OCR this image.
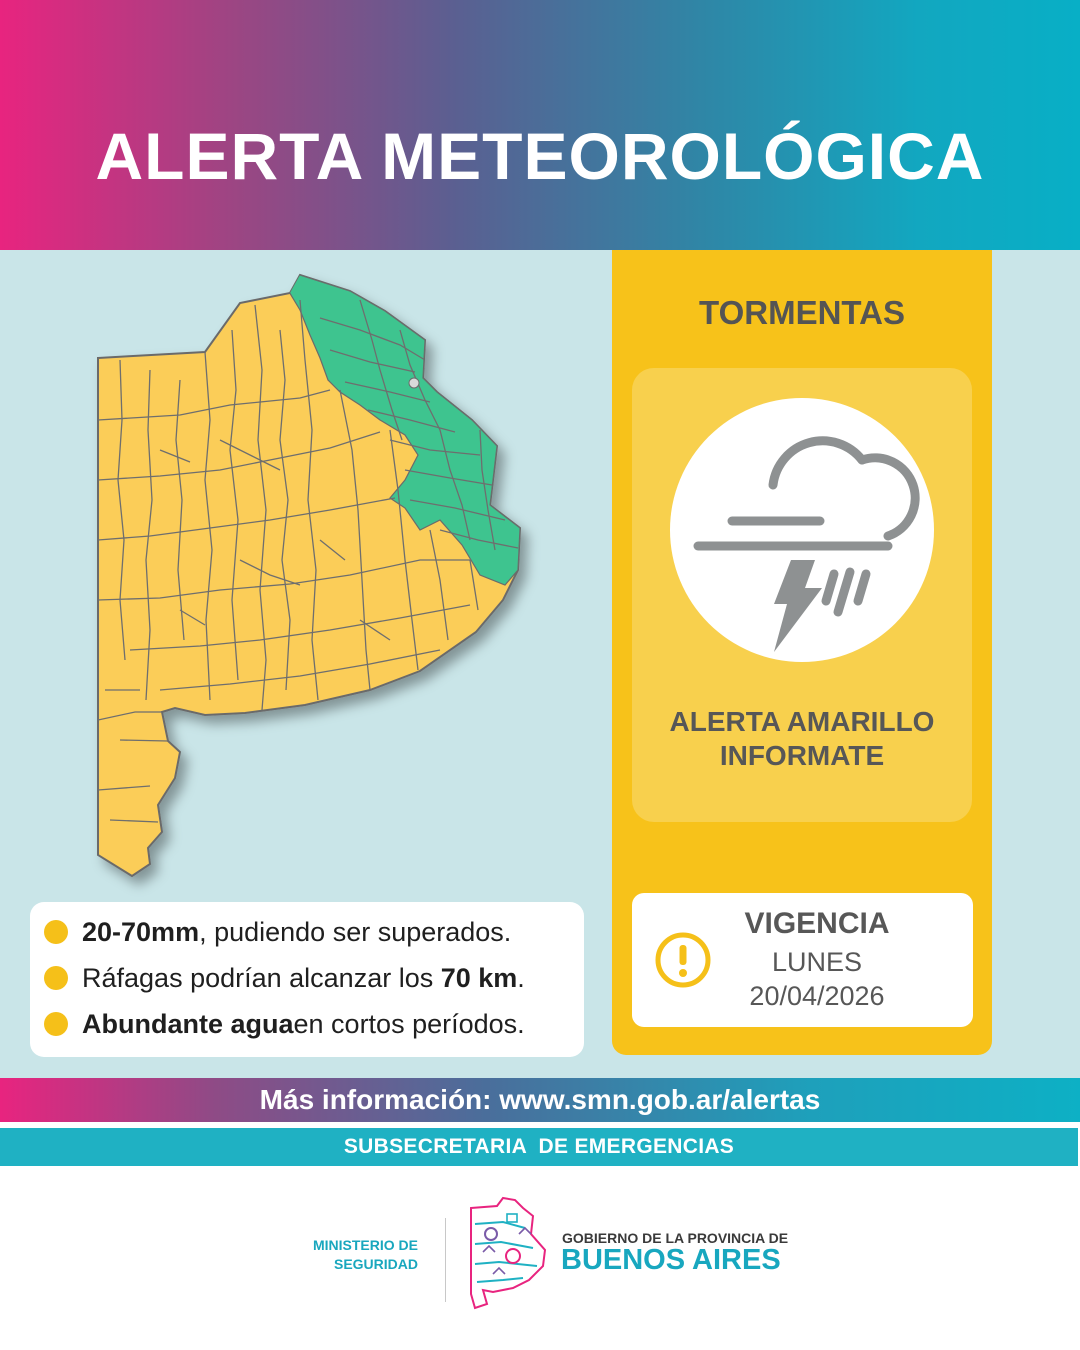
ALERTA METEOROLÓGICA
20-70mm , pudiendo ser superados.
Ráfagas podrían alcanzar los
70 km .
Abundante agua en cortos períodos.
TORMENTAS
ALERTA AMARILLO
INFORMATE
VIGENCIA
LUNES
20/04/2026
Más información: www.smn.gob.ar/alertas
SUBSECRETARIA  DE EMERGENCIAS
MINISTERIO DE
SEGURIDAD
GOBIERNO DE LA PROVINCIA DE
BUENOS AIRES
